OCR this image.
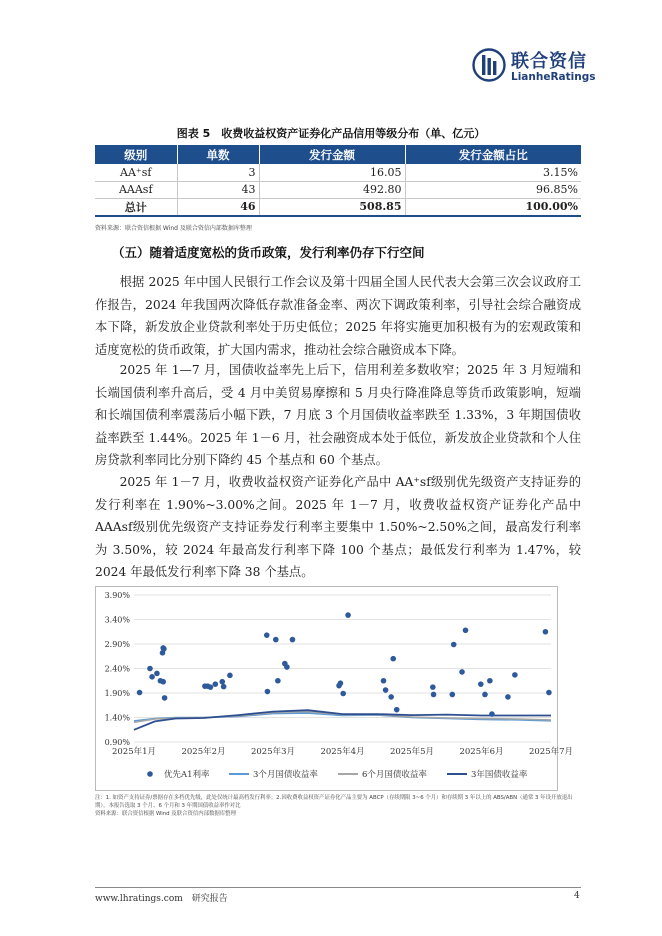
联合资信
LianheRatings
图表 5　收费收益权资产证券化产品信用等级分布（单、亿元）
级别	单数	发行金额	发行金额占比
AA⁺sf	3	16.05	3.15%
AAAsf	43	492.80	96.85%
总计	46	508.85	100.00%
资料来源：联合资信根据 Wind 及联合资信内部数据库整理
（五）随着适度宽松的货币政策，发行利率仍存下行空间

根据 2025 年中国人民银行工作会议及第十四届全国人民代表大会第三次会议政府工作报告，2024 年我国两次降低存款准备金率、两次下调政策利率，引导社会综合融资成本下降，新发放企业贷款利率处于历史低位；2025 年将实施更加积极有为的宏观政策和适度宽松的货币政策，扩大国内需求，推动社会综合融资成本下降。

2025 年 1—7 月，国债收益率先上后下，信用利差多数收窄；2025 年 3 月短端和长端国债利率升高后，受 4 月中美贸易摩擦和 5 月央行降准降息等货币政策影响，短端和长端国债利率震荡后小幅下跌，7 月底 3 个月国债收益率跌至 1.33%，3 年期国债收益率跌至 1.44%。2025 年 1－6 月，社会融资成本处于低位，新发放企业贷款和个人住房贷款利率同比分别下降约 45 个基点和 60 个基点。

2025 年 1－7 月，收费收益权资产证券化产品中 AA⁺sf级别优先级资产支持证券的发行利率在 1.90%~3.00%之间。2025 年 1－7 月，收费收益权资产证券化产品中 AAAsf级别优先级资产支持证券发行利率主要集中 1.50%~2.50%之间，最高发行利率为 3.50%，较 2024 年最高发行利率下降 100 个基点；最低发行利率为 1.47%，较 2024 年最低发行利率下降 38 个基点。

3.90%
3.40%
2.90%
2.40%
1.90%
1.40%
0.90%
2025年1月	2025年2月	2025年3月	2025年4月	2025年5月	2025年6月	2025年7月
优先A1利率	3个月国债收益率	6个月国债收益率	3年国债收益率
注：1. 如资产支持证券/票据存在多档优先级，此处仅统计最高档发行利率；2.因收费收益权资产证券化产品主要为 ABCP（存续期限 3~6 个月）和存续期 3 年以上的 ABS/ABN（通常 3 年设开放退出期），本报告选取 3 个月、6 个月和 3 年期国债收益率作对比
资料来源：联合资信根据 Wind 及联合资信内部数据库整理
www.lhratings.com　研究报告	4
